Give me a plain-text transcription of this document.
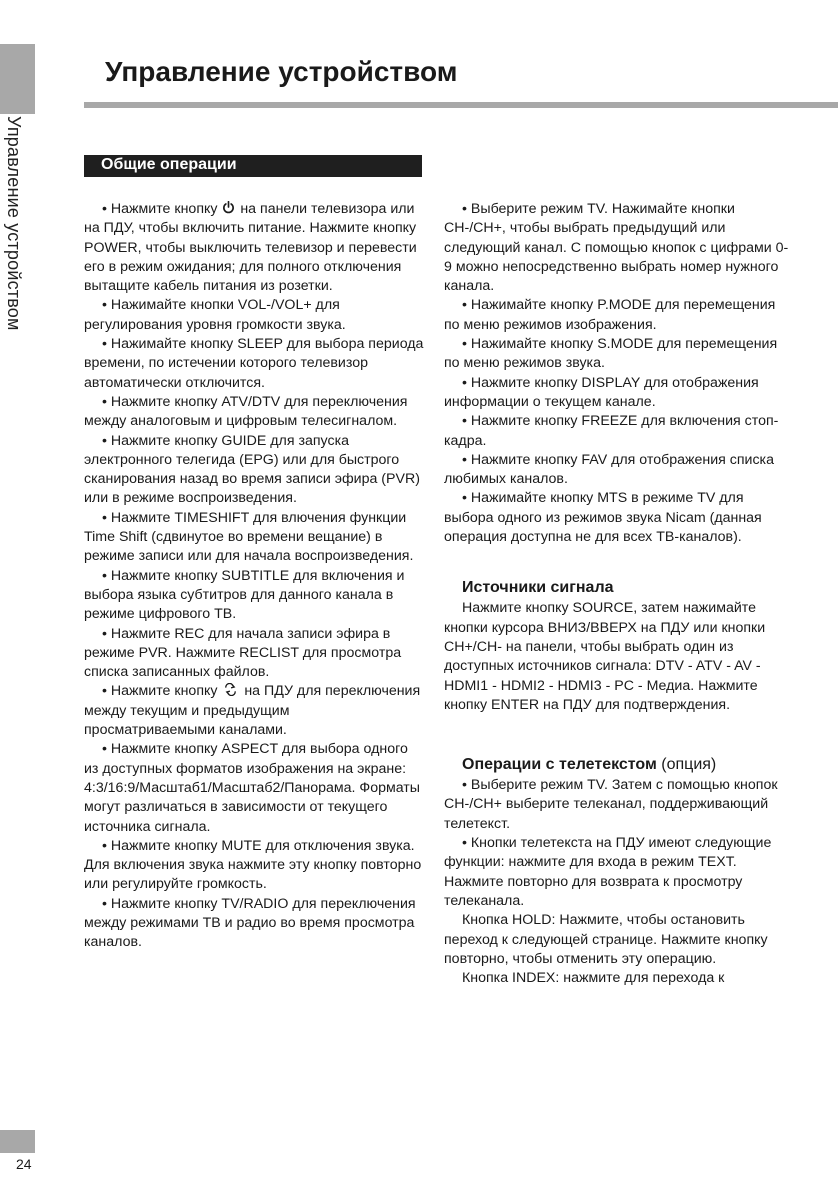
Управление устройством
Управление устройством
Общие операции

• Нажмите кнопку  на панели телевизора или на ПДУ, чтобы включить питание. Нажмите кнопку POWER, чтобы выключить телевизор и перевести его в режим ожидания; для полного отключения вытащите кабель питания из розетки.

• Нажимайте кнопки VOL-/VOL+ для регулирования уровня громкости звука.

• Нажимайте кнопку SLEEP для выбора периода времени, по истечении которого телевизор автоматически отключится.

• Нажмите кнопку ATV/DTV для переключения между аналоговым и цифровым телесигналом.

• Нажмите кнопку GUIDE для запуска электронного телегида (EPG) или для быстрого сканирования назад во время записи эфира (PVR) или в режиме воспроизведения.

• Нажмите TIMESHIFT для влючения функции Time Shift (сдвинутое во времени вещание) в режиме записи или для начала воспроизведения.

• Нажмите кнопку SUBTITLE для включения и выбора языка субтитров для данного канала в режиме цифрового ТВ.

• Нажмите REC для начала записи эфира в режиме PVR. Нажмите RECLIST для просмотра списка записанных файлов.

• Нажмите кнопку  на ПДУ для переключения между текущим и предыдущим просматриваемыми каналами.

• Нажмите кнопку ASPECT для выбора одного из доступных форматов изображения на экране: 4:3/16:9/Масштаб1/Масштаб2/Панорама. Форматы могут различаться в зависимости от текущего источника сигнала.

• Нажмите кнопку MUTE для отключения звука. Для включения звука нажмите эту кнопку повторно или регулируйте громкость.

• Нажмите кнопку TV/RADIO для переключения между режимами ТВ и радио во время просмотра каналов.

• Выберите режим TV. Нажимайте кнопки CH-/CH+, чтобы выбрать предыдущий или следующий канал. С помощью кнопок с цифрами 0-9 можно непосредственно выбрать номер нужного канала.

• Нажимайте кнопку P.MODE для перемещения по меню режимов изображения.

• Нажимайте кнопку S.MODE для перемещения по меню режимов звука.

• Нажмите кнопку DISPLAY для отображения информации о текущем канале.

• Нажмите кнопку FREEZE для включения стоп-кадра.

• Нажмите кнопку FAV для отображения списка любимых каналов.

• Нажимайте кнопку MTS в режиме TV для выбора одного из режимов звука Nicam (данная операция доступна не для всех ТВ-каналов).

Источники сигнала

Нажмите кнопку SOURCE, затем нажимайте кнопки курсора ВНИЗ/ВВЕРХ на ПДУ или кнопки CH+/CH- на панели, чтобы выбрать один из доступных источников сигнала: DTV - ATV - AV - HDMI1 - HDMI2 - HDMI3 - PC - Медиа. Нажмите кнопку ENTER на ПДУ для подтверждения.

Операции с телетекстом (опция)

• Выберите режим TV. Затем с помощью кнопок CH-/CH+ выберите телеканал, поддерживающий телетекст.

• Кнопки телетекста на ПДУ имеют следующие функции: нажмите для входа в режим TEXT. Нажмите повторно для возврата к просмотру телеканала.

Кнопка HOLD: Нажмите, чтобы остановить переход к следующей странице. Нажмите кнопку повторно, чтобы отменить эту операцию.

Кнопка INDEX: нажмите для перехода к

24
